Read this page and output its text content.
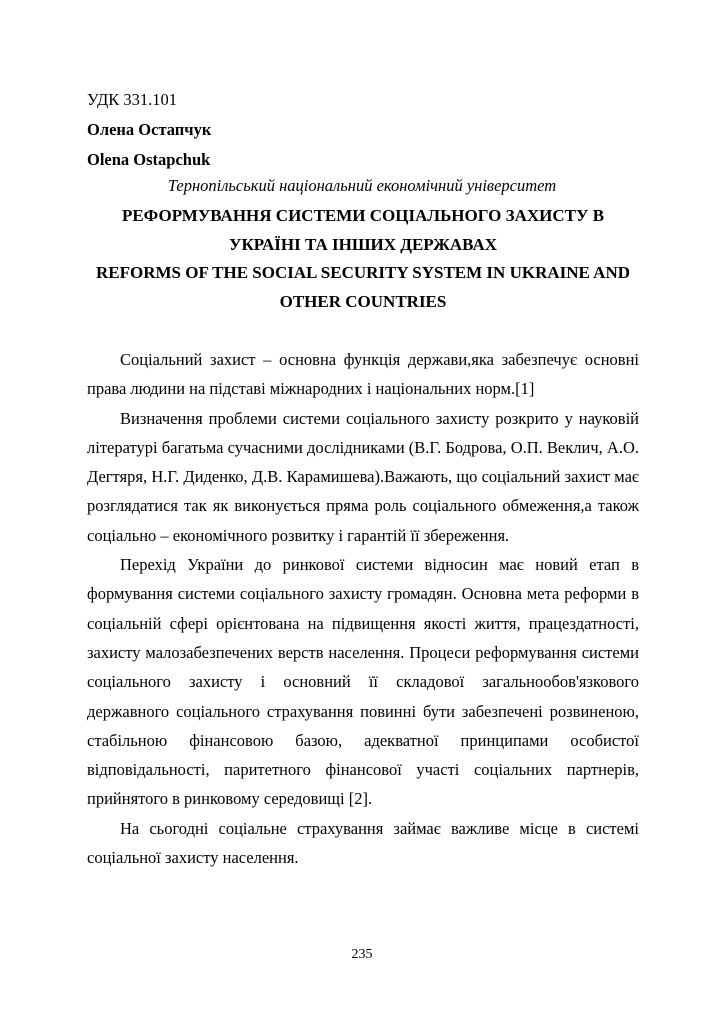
УДК 331.101
Олена Остапчук
Olena Ostapchuk
Тернопільський національний економічний університет
РЕФОРМУВАННЯ СИСТЕМИ СОЦІАЛЬНОГО ЗАХИСТУ В УКРАЇНІ ТА ІНШИХ ДЕРЖАВАХ
REFORMS OF THE SOCIAL SECURITY SYSTEM IN UKRAINE AND OTHER COUNTRIES

Соціальний захист – основна функція держави,яка забезпечує основні права людини на підставі міжнародних і національних норм.[1]

Визначення проблеми системи соціального захисту розкрито у науковій літературі багатьма сучасними дослідниками (В.Г. Бодрова, О.П. Веклич, А.О. Дегтяря, Н.Г. Диденко, Д.В. Карамишева).Важають, що соціальний захист має розглядатися так як виконується пряма роль соціального обмеження,а також соціально – економічного розвитку і гарантій її збереження.

Перехід України до ринкової системи відносин має новий етап в формування системи соціального захисту громадян. Основна мета реформи в соціальній сфері орієнтована на підвищення якості життя, працездатності, захисту малозабезпечених верств населення. Процеси реформування системи соціального захисту і основний її складової загальнообов'язкового державного соціального страхування повинні бути забезпечені розвиненою, стабільною фінансовою базою, адекватної принципами особистої відповідальності, паритетного фінансової участі соціальних партнерів, прийнятого в ринковому середовищі [2].

На сьогодні соціальне страхування займає важливе місце в системі соціальної захисту населення.

235
